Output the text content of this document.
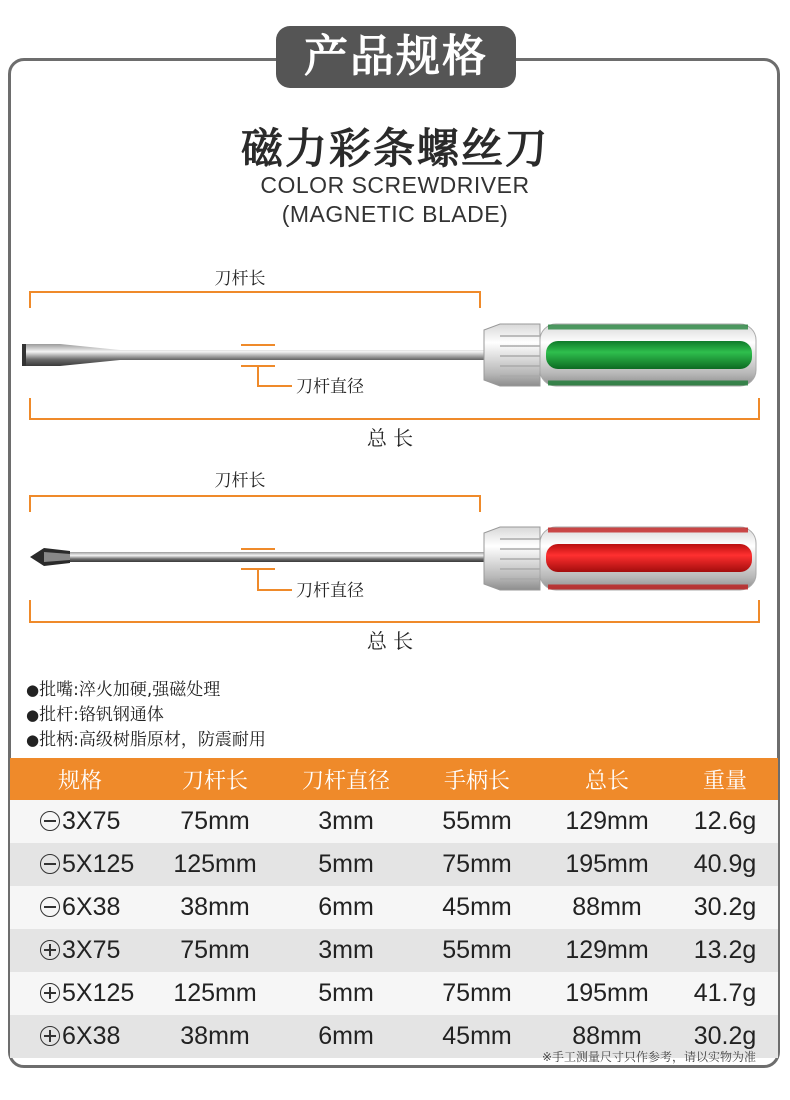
产品规格
磁力彩条螺丝刀
COLOR SCREWDRIVER
(MAGNETIC BLADE)
刀杆长
刀杆直径
总 长
刀杆长
刀杆直径
总 长
●批嘴:淬火加硬,强磁处理
●批杆:铬钒钢通体
●批柄:高级树脂原材，防震耐用
规格	刀杆长	刀杆直径	手柄长	总长	重量

3X75	75mm	3mm	55mm	129mm	12.6g

5X125	125mm	5mm	75mm	195mm	40.9g

6X38	38mm	6mm	45mm	88mm	30.2g

3X75	75mm	3mm	55mm	129mm	13.2g

5X125	125mm	5mm	75mm	195mm	41.7g

6X38	38mm	6mm	45mm	88mm	30.2g
※手工测量尺寸只作参考，请以实物为准
